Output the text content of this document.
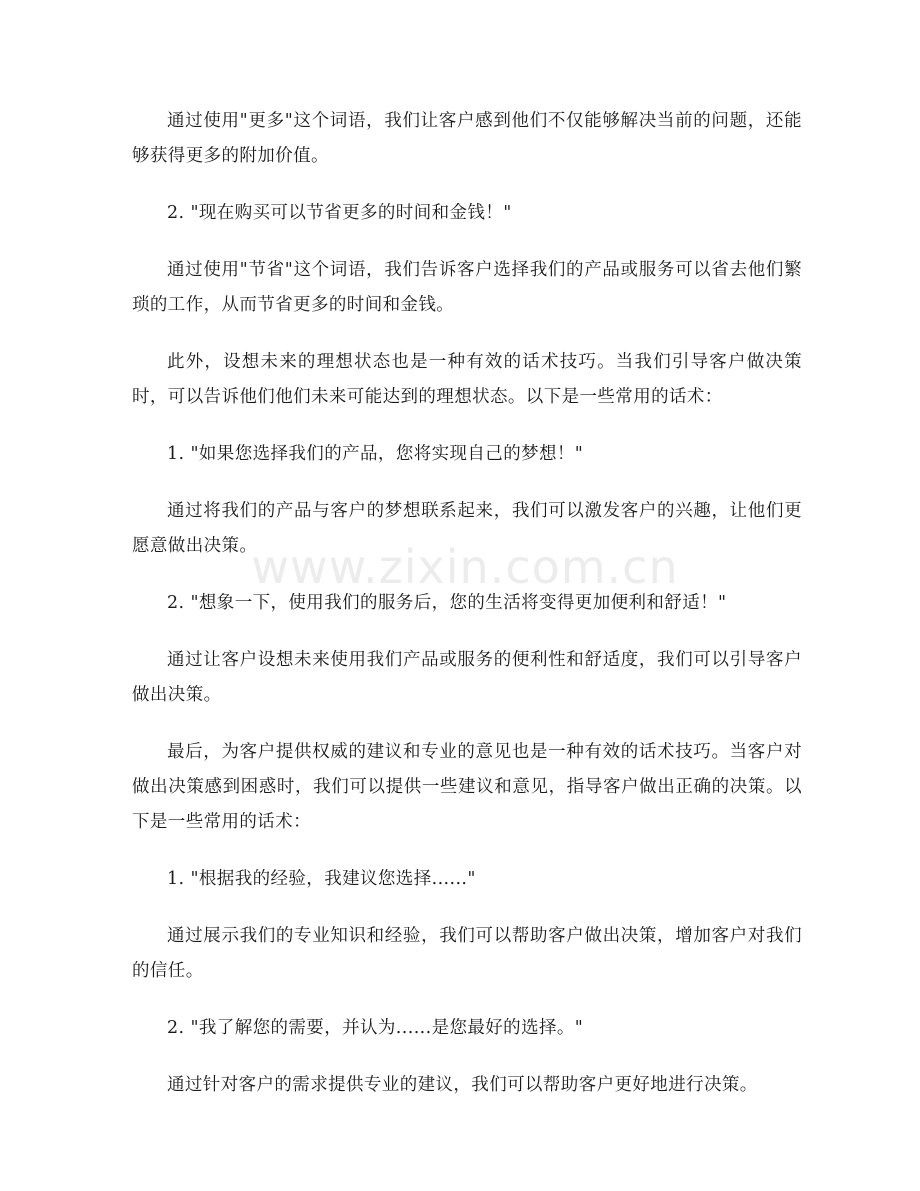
通过使用"更多"这个词语，我们让客户感到他们不仅能够解决当前的问题，还能够获得更多的附加价值。

2. "现在购买可以节省更多的时间和金钱！"

通过使用"节省"这个词语，我们告诉客户选择我们的产品或服务可以省去他们繁琐的工作，从而节省更多的时间和金钱。

此外，设想未来的理想状态也是一种有效的话术技巧。当我们引导客户做决策时，可以告诉他们他们未来可能达到的理想状态。以下是一些常用的话术：

1. "如果您选择我们的产品，您将实现自己的梦想！"

通过将我们的产品与客户的梦想联系起来，我们可以激发客户的兴趣，让他们更愿意做出决策。

2. "想象一下，使用我们的服务后，您的生活将变得更加便利和舒适！"

通过让客户设想未来使用我们产品或服务的便利性和舒适度，我们可以引导客户做出决策。

最后，为客户提供权威的建议和专业的意见也是一种有效的话术技巧。当客户对做出决策感到困惑时，我们可以提供一些建议和意见，指导客户做出正确的决策。以下是一些常用的话术：

1. "根据我的经验，我建议您选择......"

通过展示我们的专业知识和经验，我们可以帮助客户做出决策，增加客户对我们的信任。

2. "我了解您的需要，并认为......是您最好的选择。"

通过针对客户的需求提供专业的建议，我们可以帮助客户更好地进行决策。

www.zixin.com.cn
